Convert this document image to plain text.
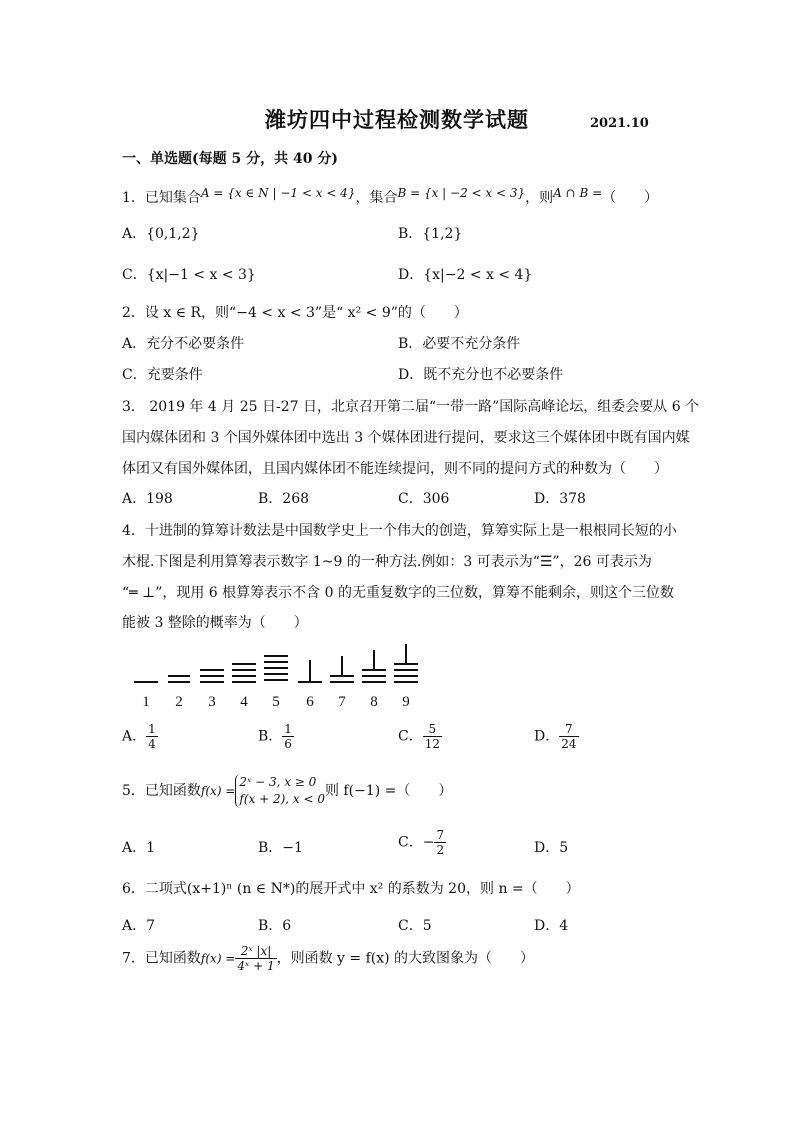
潍坊四中过程检测数学试题	2021.10
一、单选题(每题 5 分，共 40 分)
1．已知集合A = {x ∈ N | −1 < x < 4}，集合B = {x | −2 < x < 3}，则A ∩ B =（　　）
A．{0,1,2}	B．{1,2}
C．{x|−1 < x < 3}	D．{x|−2 < x < 4}
2．设 x ∈ R，则“−4 < x < 3”是“ x² < 9”的（　　）
A．充分不必要条件	B．必要不充分条件
C．充要条件	D．既不充分也不必要条件
3． 2019 年 4 月 25 日-27 日，北京召开第二届“一带一路”国际高峰论坛，组委会要从 6 个
国内媒体团和 3 个国外媒体团中选出 3 个媒体团进行提问，要求这三个媒体团中既有国内媒
体团又有国外媒体团，且国内媒体团不能连续提问，则不同的提问方式的种数为（　　）
A．198	B．268	C．306	D．378
4．十进制的算筹计数法是中国数学史上一个伟大的创造，算筹实际上是一根根同长短的小
木棍.下图是利用算筹表示数字 1~9 的一种方法.例如：3 可表示为“☰”，26 可表示为
“═ ⊥”，现用 6 根算筹表示不含 0 的无重复数字的三位数，算筹不能剩余，则这个三位数
能被 3 整除的概率为（　　）
1 2 3 4 5 6 7 8 9
A． $\frac{1}{4}$	B． $\frac{1}{6}$	C． $\frac{5}{12}$	D． $\frac{7}{24}$
5．已知函数f(x) =
2ˣ − 3, x ≥ 0
f(x + 2), x < 0 则 f(−1) =（　　）
A．1	B．−1	C．− $\frac{7}{2}$	D．5
6．二项式(x+1)ⁿ (n ∈ N*)的展开式中 x² 的系数为 20，则 n =（　　）
A．7	B．6	C．5	D．4
7．已知函数$f(x) = \frac{\text{2ˣ |x|}}{\text{4ˣ + 1}}$ ，则函数 y = f(x) 的大致图象为（　　）
